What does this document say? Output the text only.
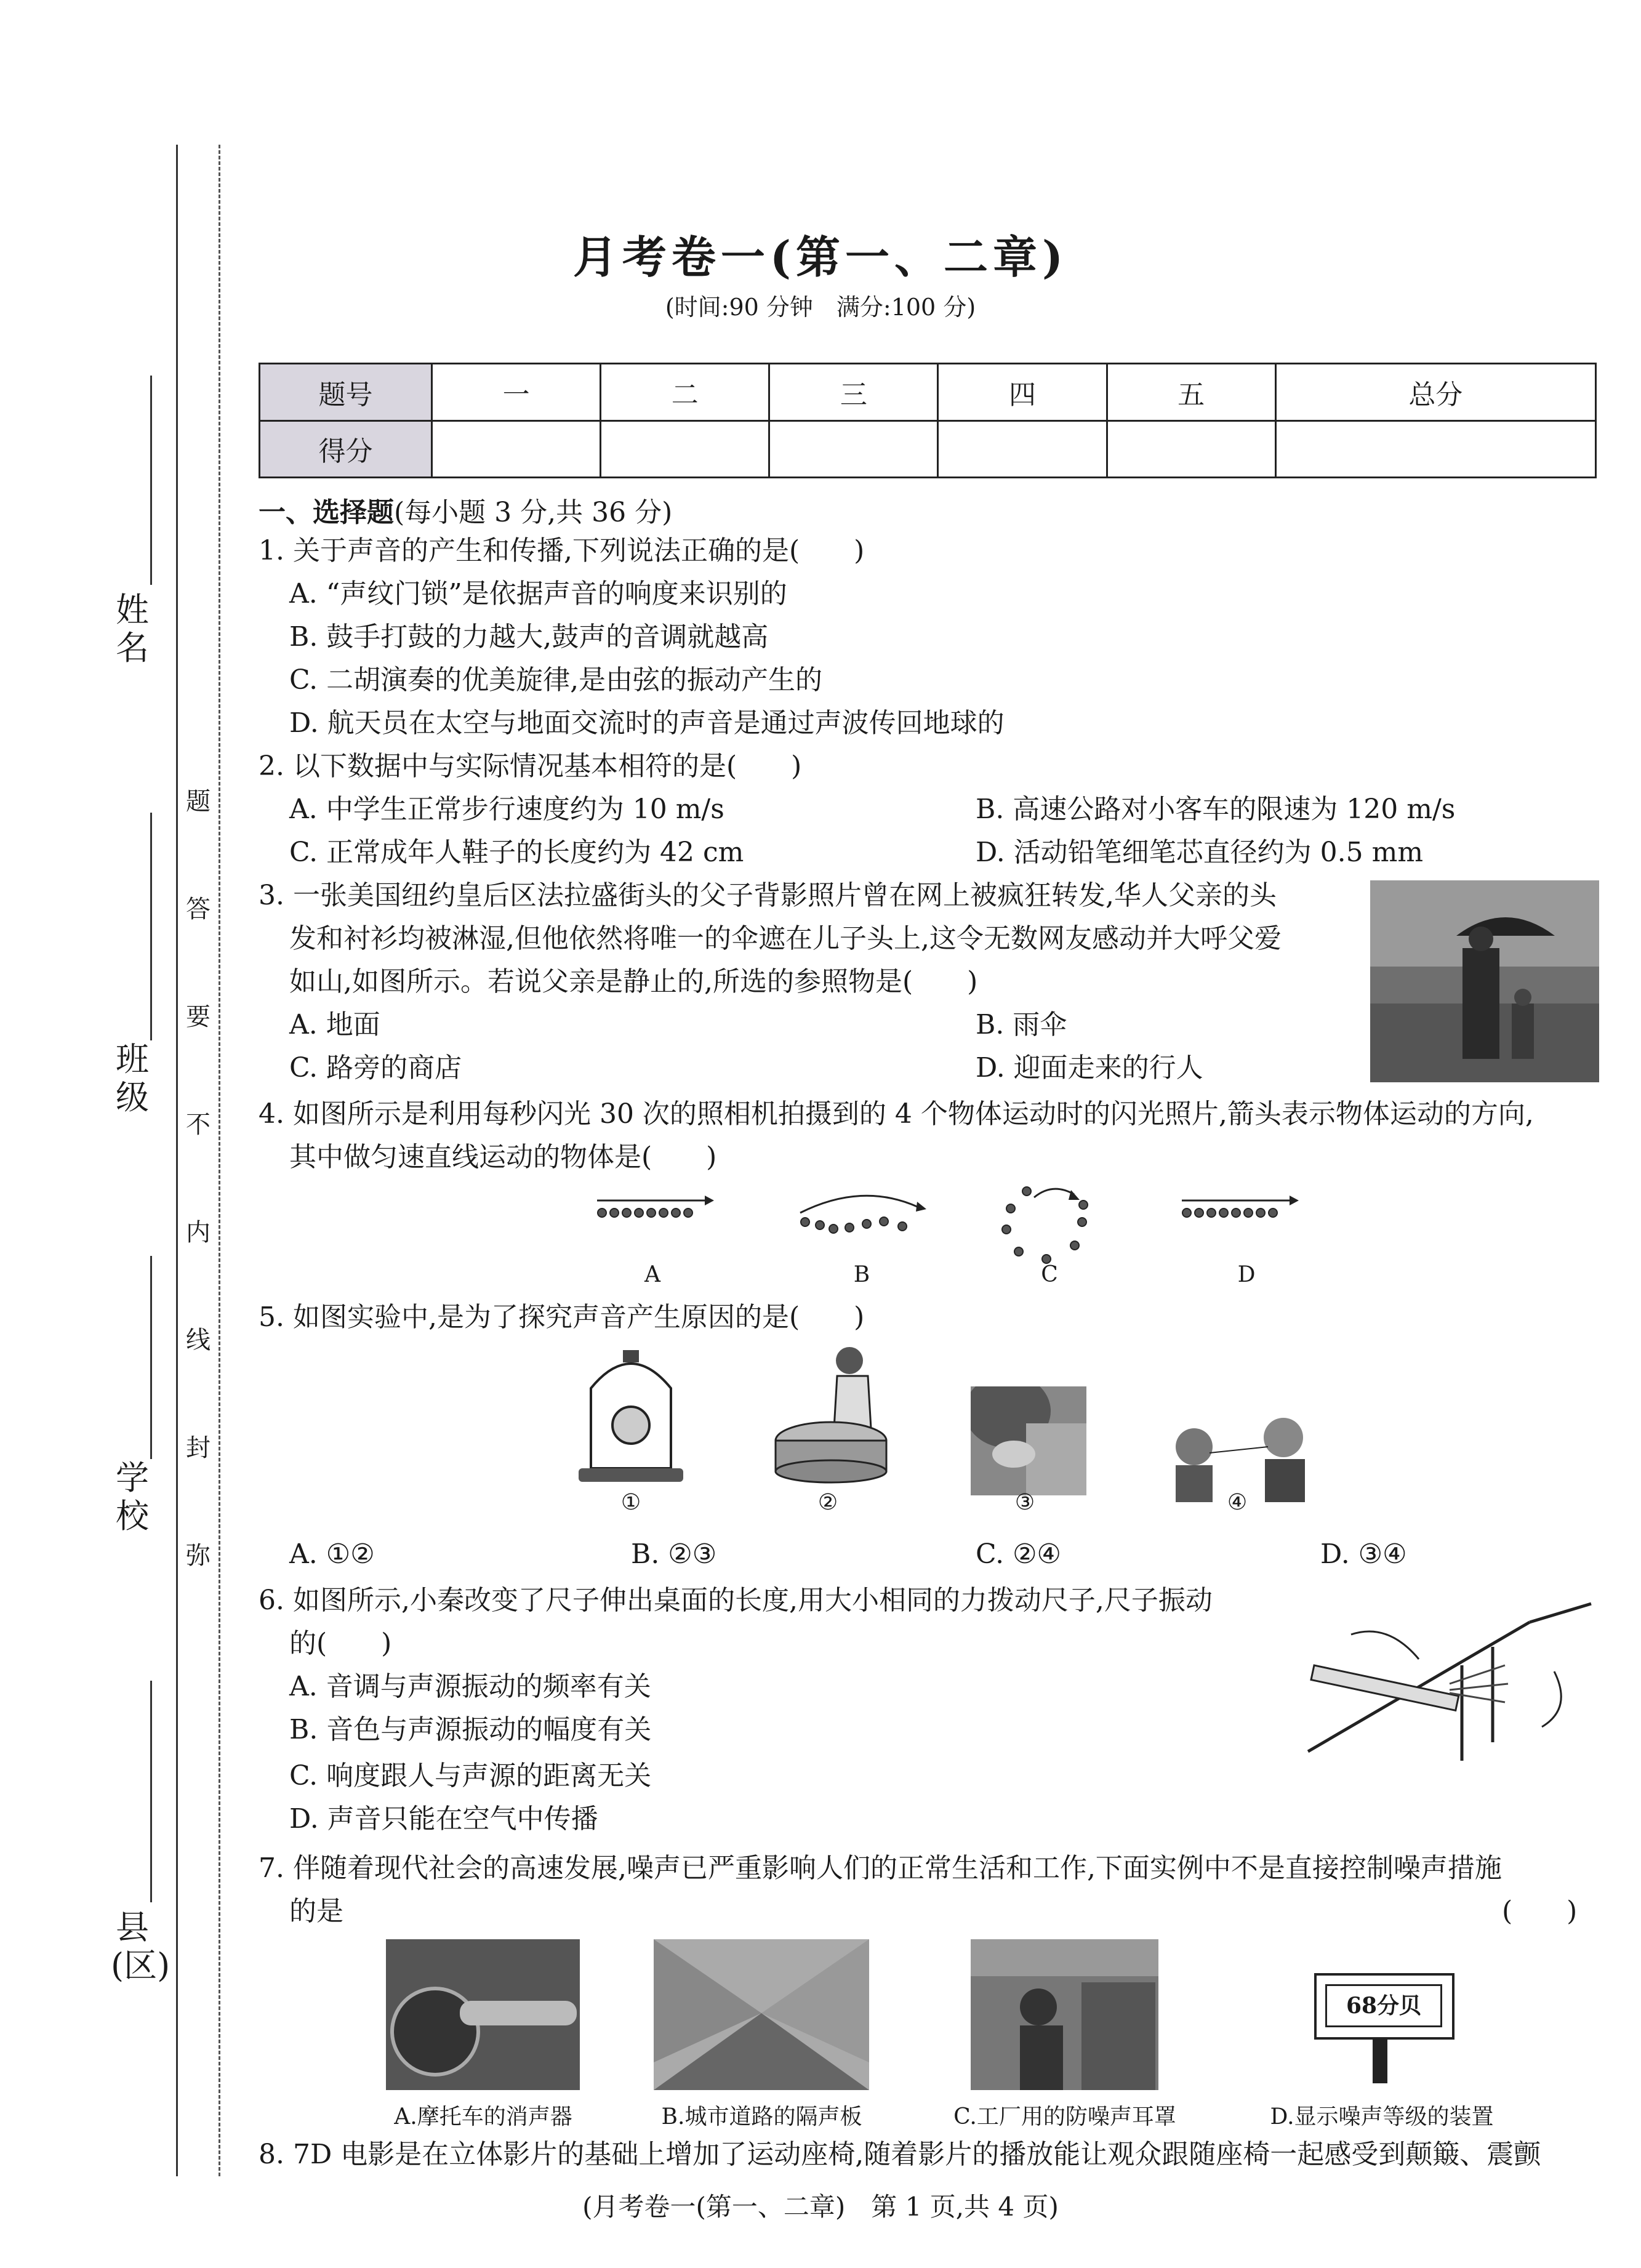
姓名
班级
学校
县(区)
题
答
要
不
内
线
封
弥
月考卷一(第一、二章)
(时间:90 分钟　满分:100 分)
题号	一	二	三	四	五	总分
得分						
一、选择题(每小题 3 分,共 36 分)
1. 关于声音的产生和传播,下列说法正确的是(　　)
A. “声纹门锁”是依据声音的响度来识别的
B. 鼓手打鼓的力越大,鼓声的音调就越高
C. 二胡演奏的优美旋律,是由弦的振动产生的
D. 航天员在太空与地面交流时的声音是通过声波传回地球的
2. 以下数据中与实际情况基本相符的是(　　)
A. 中学生正常步行速度约为 10 m/s	B. 高速公路对小客车的限速为 120 m/s
C. 正常成年人鞋子的长度约为 42 cm	D. 活动铅笔细笔芯直径约为 0.5 mm
3. 一张美国纽约皇后区法拉盛街头的父子背影照片曾在网上被疯狂转发,华人父亲的头
发和衬衫均被淋湿,但他依然将唯一的伞遮在儿子头上,这令无数网友感动并大呼父爱
如山,如图所示。若说父亲是静止的,所选的参照物是(　　)
A. 地面	B. 雨伞
C. 路旁的商店	D. 迎面走来的行人
4. 如图所示是利用每秒闪光 30 次的照相机拍摄到的 4 个物体运动时的闪光照片,箭头表示物体运动的方向,
其中做匀速直线运动的物体是(　　)
A	B	C	D
5. 如图实验中,是为了探究声音产生原因的是(　　)
①	②	③	④
A. ①②	B. ②③	C. ②④	D. ③④
6. 如图所示,小秦改变了尺子伸出桌面的长度,用大小相同的力拨动尺子,尺子振动
的(　　)
A. 音调与声源振动的频率有关
B. 音色与声源振动的幅度有关
C. 响度跟人与声源的距离无关
D. 声音只能在空气中传播
7. 伴随着现代社会的高速发展,噪声已严重影响人们的正常生活和工作,下面实例中不是直接控制噪声措施
的是	(　　)
A.摩托车的消声器	B.城市道路的隔声板	C.工厂用的防噪声耳罩
68分贝
D.显示噪声等级的装置
8. 7D 电影是在立体影片的基础上增加了运动座椅,随着影片的播放能让观众跟随座椅一起感受到颠簸、震颤
(月考卷一(第一、二章)　第 1 页,共 4 页)
